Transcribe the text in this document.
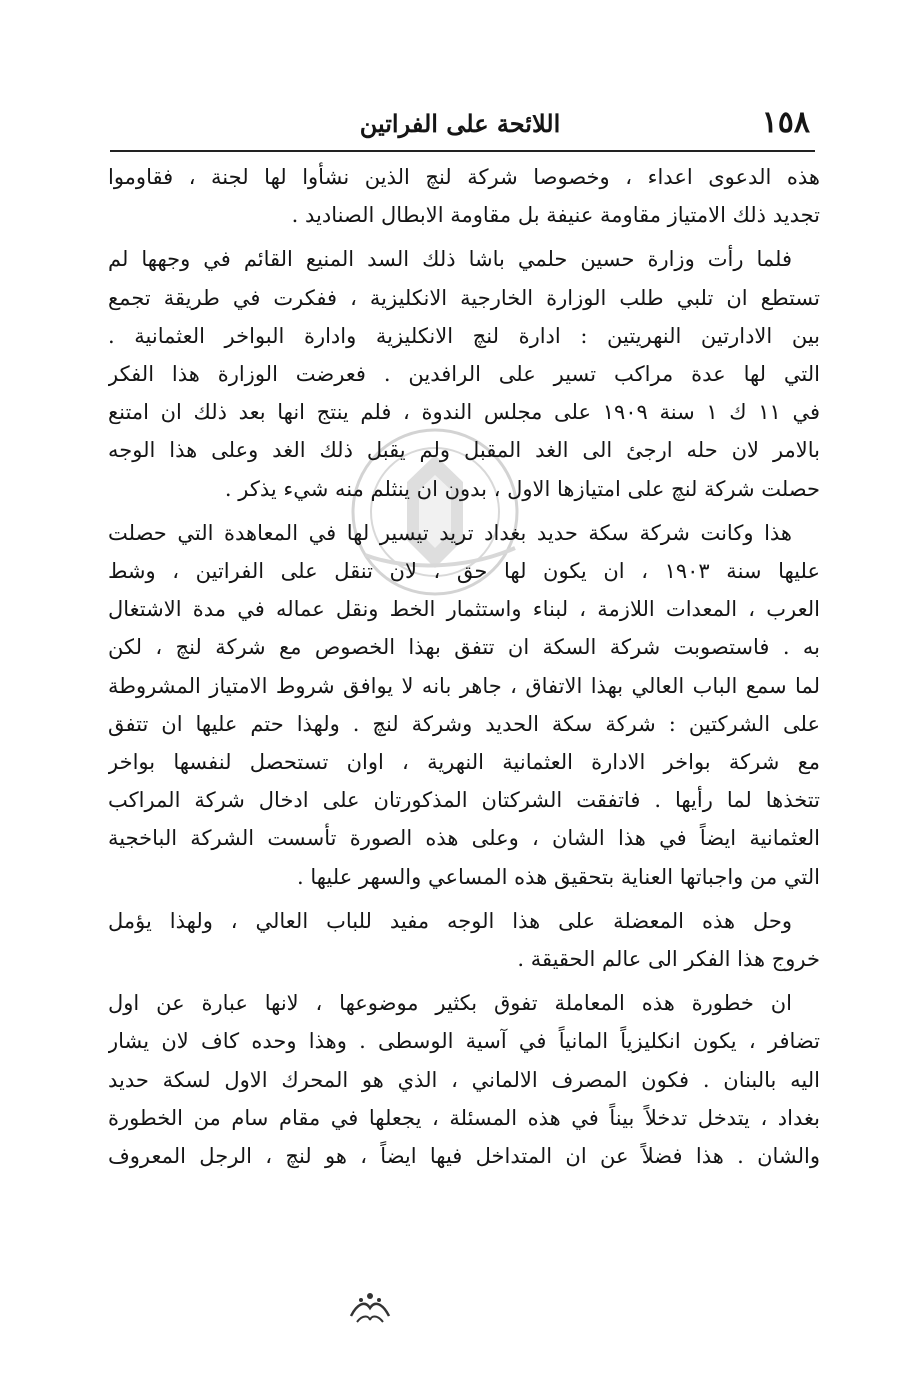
١٥٨
اللائحة على الفراتين
هذه الدعوى اعداء ، وخصوصا شركة لنچ الذين نشأوا لها لجنة ، فقاوموا
تجديد ذلك الامتياز مقاومة عنيفة بل مقاومة الابطال الصناديد .
فلما رأت وزارة حسين حلمي باشا ذلك السد المنيع القائم في وجهها لم
تستطع ان تلبي طلب الوزارة الخارجية الانكليزية ، ففكرت في طريقة تجمع
بين الادارتين النهريتين : ادارة لنچ الانكليزية وادارة البواخر العثمانية .
التي لها عدة مراكب تسير على الرافدين . فعرضت الوزارة هذا الفكر
في ١١ ك ١ سنة ١٩٠٩ على مجلس الندوة ، فلم ينتج انها بعد ذلك ان امتنع
بالامر لان حله ارجئ الى الغد المقبل ولم يقبل ذلك الغد وعلى هذا الوجه
حصلت شركة لنچ على امتيازها الاول ، بدون ان ينثلم منه شيء يذكر .
هذا وكانت شركة سكة حديد بغداد تريد تيسير لها في المعاهدة التي حصلت
عليها سنة ١٩٠٣ ، ان يكون لها حق ، لان تنقل على الفراتين ، وشط
العرب ، المعدات اللازمة ، لبناء واستثمار الخط ونقل عماله في مدة الاشتغال
به . فاستصوبت شركة السكة ان تتفق بهذا الخصوص مع شركة لنچ ، لكن
لما سمع الباب العالي بهذا الاتفاق ، جاهر بانه لا يوافق شروط الامتياز المشروطة
على الشركتين : شركة سكة الحديد وشركة لنچ . ولهذا حتم عليها ان تتفق
مع شركة بواخر الادارة العثمانية النهرية ، اوان تستحصل لنفسها بواخر
تتخذها لما رأيها . فاتفقت الشركتان المذكورتان على ادخال شركة المراكب
العثمانية ايضاً في هذا الشان ، وعلى هذه الصورة تأسست الشركة الباخجية
التي من واجباتها العناية بتحقيق هذه المساعي والسهر عليها .
وحل هذه المعضلة على هذا الوجه مفيد للباب العالي ، ولهذا يؤمل
خروج هذا الفكر الى عالم الحقيقة .
ان خطورة هذه المعاملة تفوق بكثير موضوعها ، لانها عبارة عن اول
تضافر ، يكون انكليزياً المانياً في آسية الوسطى . وهذا وحده كاف لان يشار
اليه بالبنان . فكون المصرف الالماني ، الذي هو المحرك الاول لسكة حديد
بغداد ، يتدخل تدخلاً بيناً في هذه المسئلة ، يجعلها في مقام سام من الخطورة
والشان . هذا فضلاً عن ان المتداخل فيها ايضاً ، هو لنچ ، الرجل المعروف
